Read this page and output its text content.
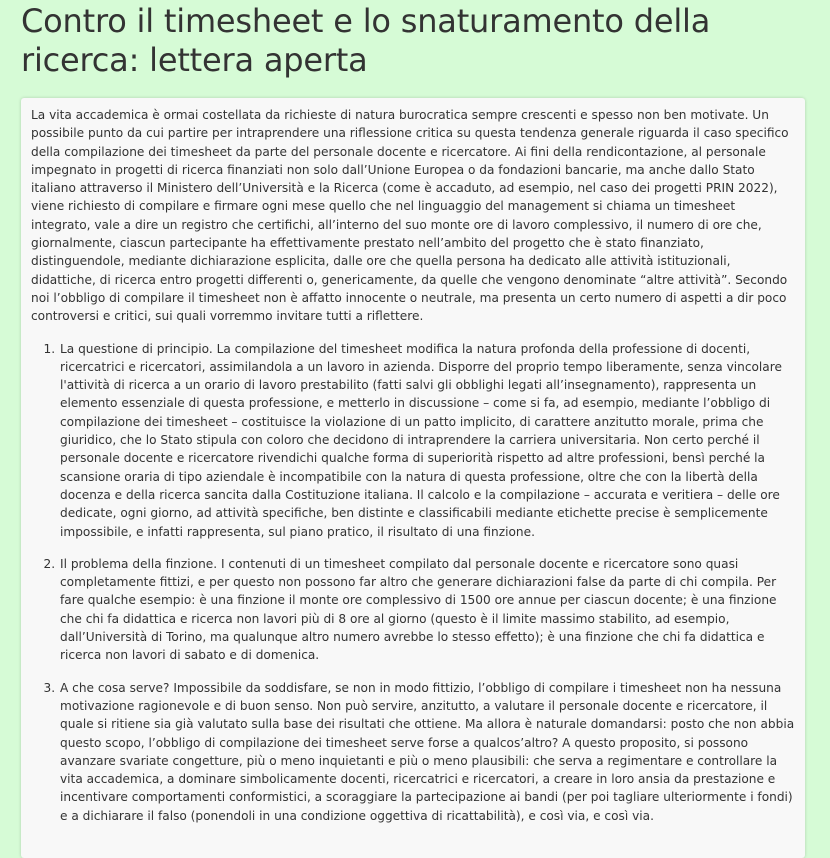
Contro il timesheet e lo snaturamento della ricerca: lettera aperta

La vita accademica è ormai costellata da richieste di natura burocratica sempre crescenti e spesso non ben motivate. Un possibile punto da cui partire per intraprendere una riflessione critica su questa tendenza generale riguarda il caso specifico della compilazione dei timesheet da parte del personale docente e ricercatore. Ai fini della rendicontazione, al personale impegnato in progetti di ricerca finanziati non solo dall’Unione Europea o da fondazioni bancarie, ma anche dallo Stato italiano attraverso il Ministero dell’Università e la Ricerca (come è accaduto, ad esempio, nel caso dei progetti PRIN 2022), viene richiesto di compilare e firmare ogni mese quello che nel linguaggio del management si chiama un timesheet integrato, vale a dire un registro che certifichi, all’interno del suo monte ore di lavoro complessivo, il numero di ore che, giornalmente, ciascun partecipante ha effettivamente prestato nell’ambito del progetto che è stato finanziato, distinguendole, mediante dichiarazione esplicita, dalle ore che quella persona ha dedicato alle attività istituzionali, didattiche, di ricerca entro progetti differenti o, genericamente, da quelle che vengono denominate “altre attività”. Secondo noi l’obbligo di compilare il timesheet non è affatto innocente o neutrale, ma presenta un certo numero di aspetti a dir poco controversi e critici, sui quali vorremmo invitare tutti a riflettere.

1. La questione di principio. La compilazione del timesheet modifica la natura profonda della professione di docenti, ricercatrici e ricercatori, assimilandola a un lavoro in azienda. Disporre del proprio tempo liberamente, senza vincolare l'attività di ricerca a un orario di lavoro prestabilito (fatti salvi gli obblighi legati all’insegnamento), rappresenta un elemento essenziale di questa professione, e metterlo in discussione – come si fa, ad esempio, mediante l’obbligo di compilazione dei timesheet – costituisce la violazione di un patto implicito, di carattere anzitutto morale, prima che giuridico, che lo Stato stipula con coloro che decidono di intraprendere la carriera universitaria. Non certo perché il personale docente e ricercatore rivendichi qualche forma di superiorità rispetto ad altre professioni, bensì perché la scansione oraria di tipo aziendale è incompatibile con la natura di questa professione, oltre che con la libertà della docenza e della ricerca sancita dalla Costituzione italiana. Il calcolo e la compilazione – accurata e veritiera – delle ore dedicate, ogni giorno, ad attività specifiche, ben distinte e classificabili mediante etichette precise è semplicemente impossibile, e infatti rappresenta, sul piano pratico, il risultato di una finzione.
2. Il problema della finzione. I contenuti di un timesheet compilato dal personale docente e ricercatore sono quasi completamente fittizi, e per questo non possono far altro che generare dichiarazioni false da parte di chi compila. Per fare qualche esempio: è una finzione il monte ore complessivo di 1500 ore annue per ciascun docente; è una finzione che chi fa didattica e ricerca non lavori più di 8 ore al giorno (questo è il limite massimo stabilito, ad esempio, dall’Università di Torino, ma qualunque altro numero avrebbe lo stesso effetto); è una finzione che chi fa didattica e ricerca non lavori di sabato e di domenica.
3. A che cosa serve? Impossibile da soddisfare, se non in modo fittizio, l’obbligo di compilare i timesheet non ha nessuna motivazione ragionevole e di buon senso. Non può servire, anzitutto, a valutare il personale docente e ricercatore, il quale si ritiene sia già valutato sulla base dei risultati che ottiene. Ma allora è naturale domandarsi: posto che non abbia questo scopo, l’obbligo di compilazione dei timesheet serve forse a qualcos’altro? A questo proposito, si possono avanzare svariate congetture, più o meno inquietanti e più o meno plausibili: che serva a regimentare e controllare la vita accademica, a dominare simbolicamente docenti, ricercatrici e ricercatori, a creare in loro ansia da prestazione e incentivare comportamenti conformistici, a scoraggiare la partecipazione ai bandi (per poi tagliare ulteriormente i fondi) e a dichiarare il falso (ponendoli in una condizione oggettiva di ricattabilità), e così via, e così via.
